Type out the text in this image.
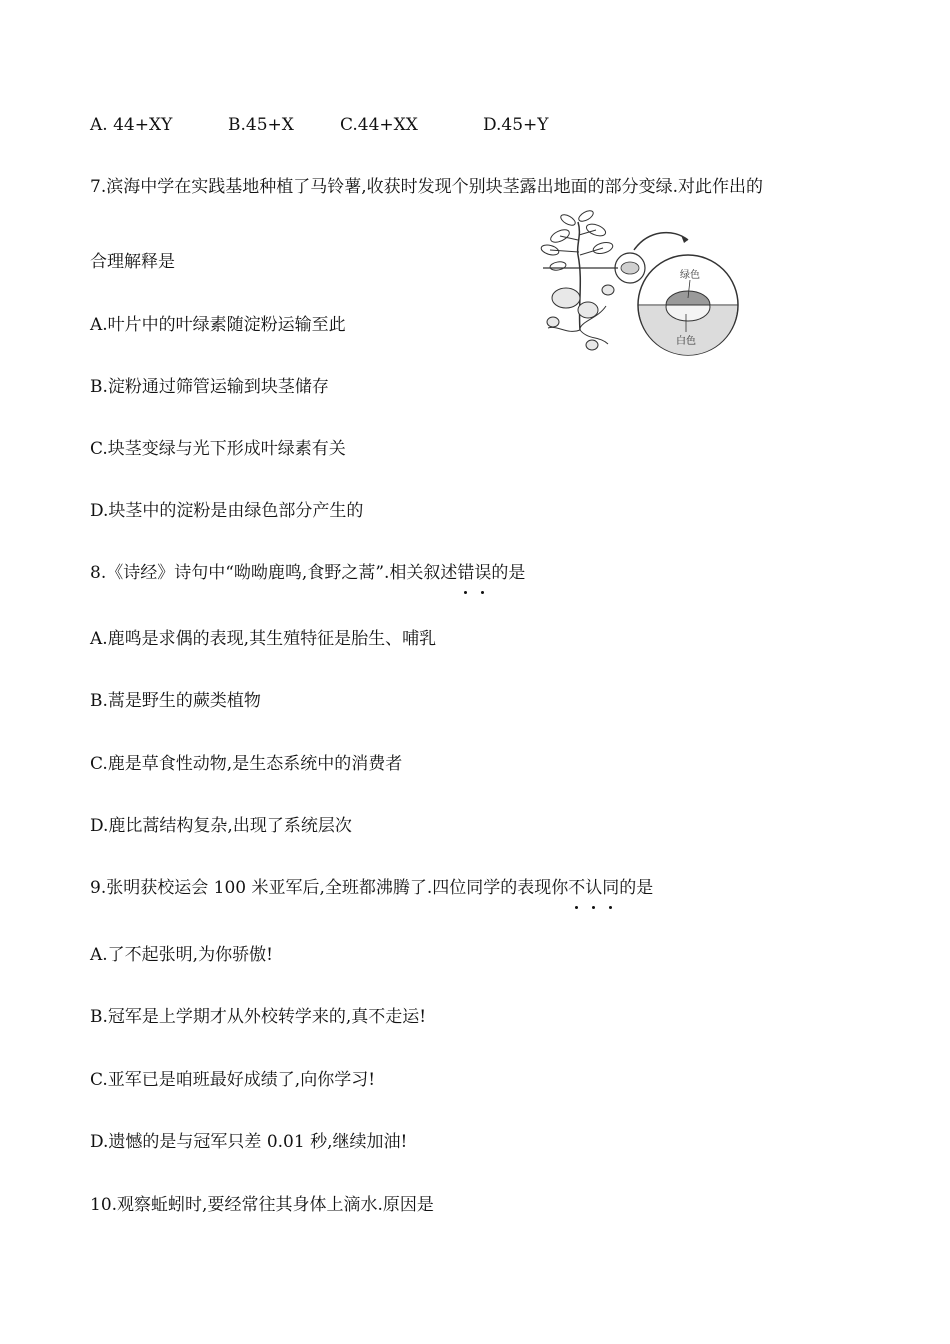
A. 44+XY	B.45+X	C.44+XX	D.45+Y
7.滨海中学在实践基地种植了马铃薯,收获时发现个别块茎露出地面的部分变绿.对此作出的
合理解释是
A.叶片中的叶绿素随淀粉运输至此
B.淀粉通过筛管运输到块茎储存
C.块茎变绿与光下形成叶绿素有关
D.块茎中的淀粉是由绿色部分产生的
绿色
白色
8.《诗经》诗句中“呦呦鹿鸣,食野之蒿”.相关叙述错误的是
A.鹿鸣是求偶的表现,其生殖特征是胎生、哺乳
B.蒿是野生的蕨类植物
C.鹿是草食性动物,是生态系统中的消费者
D.鹿比蒿结构复杂,出现了系统层次
9.张明获校运会 100 米亚军后,全班都沸腾了.四位同学的表现你不认同的是
A.了不起张明,为你骄傲!
B.冠军是上学期才从外校转学来的,真不走运!
C.亚军已是咱班最好成绩了,向你学习!
D.遗憾的是与冠军只差 0.01 秒,继续加油!
10.观察蚯蚓时,要经常往其身体上滴水.原因是
